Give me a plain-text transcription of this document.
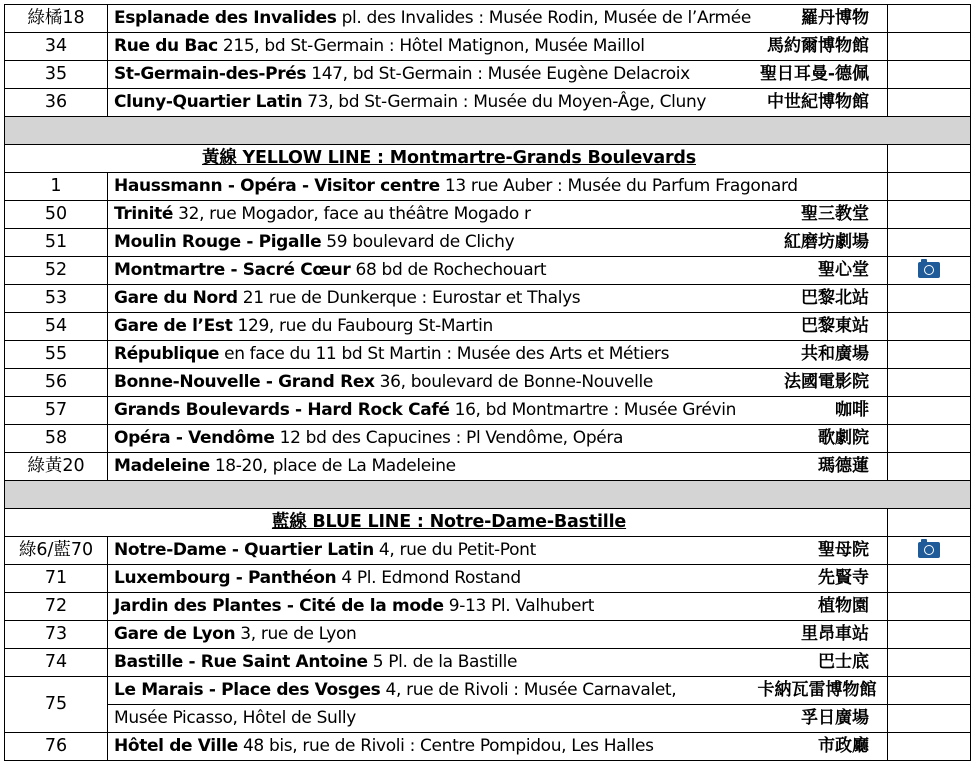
綠橘18	Esplanade des Invalides pl. des Invalides : Musée Rodin, Musée de l’Armée	羅丹博物	
34	Rue du Bac 215, bd St-Germain : Hôtel Matignon, Musée Maillol	馬約爾博物館	
35	St-Germain-des-Prés 147, bd St-Germain : Musée Eugène Delacroix	聖日耳曼-德佩	
36	Cluny-Quartier Latin 73, bd St-Germain : Musée du Moyen-Âge, Cluny	中世紀博物館	

黃線 YELLOW LINE : Montmartre-Grands Boulevards			
1	Haussmann - Opéra - Visitor centre 13 rue Auber : Musée du Parfum Fragonard		
50	Trinité 32, rue Mogador, face au théâtre Mogado r	聖三教堂	
51	Moulin Rouge - Pigalle 59 boulevard de Clichy	紅磨坊劇場	
52	Montmartre - Sacré Cœur 68 bd de Rochechouart	聖心堂	
53	Gare du Nord 21 rue de Dunkerque : Eurostar et Thalys	巴黎北站	
54	Gare de l’Est 129, rue du Faubourg St-Martin	巴黎東站	
55	République en face du 11 bd St Martin : Musée des Arts et Métiers	共和廣場	
56	Bonne-Nouvelle - Grand Rex 36, boulevard de Bonne-Nouvelle	法國電影院	
57	Grands Boulevards - Hard Rock Café 16, bd Montmartre : Musée Grévin	咖啡	
58	Opéra - Vendôme 12 bd des Capucines : Pl Vendôme, Opéra	歌劇院	
綠黃20	Madeleine 18-20, place de La Madeleine	瑪德蓮	

藍線 BLUE LINE : Notre-Dame-Bastille			
綠6/藍70	Notre-Dame - Quartier Latin 4, rue du Petit-Pont	聖母院	
71	Luxembourg - Panthéon 4 Pl. Edmond Rostand	先賢寺	
72	Jardin des Plantes - Cité de la mode 9-13 Pl. Valhubert	植物園	
73	Gare de Lyon 3, rue de Lyon	里昂車站	
74	Bastille - Rue Saint Antoine 5 Pl. de la Bastille	巴士底	
75	Le Marais - Place des Vosges 4, rue de Rivoli : Musée Carnavalet,	卡納瓦雷博物館	
	Musée Picasso, Hôtel de Sully	孚日廣場	
76	Hôtel de Ville 48 bis, rue de Rivoli : Centre Pompidou, Les Halles	市政廳	
